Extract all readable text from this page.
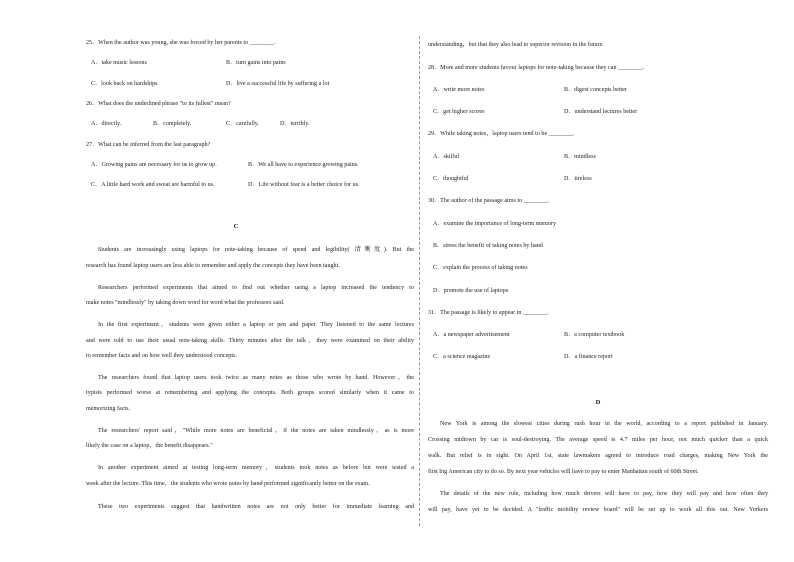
25．When the author was young, she was forced by her parents to ________.
A．take music lessons	B．turn gains into pains
C．look back on hardships	D．live a successful life by suffering a lot
26．What does the underlined phrase "to its fullest" mean?
A．directly.	B．completely.	C．carefully.	D．terribly.
27．What can be inferred from the last paragraph?
A．Growing pains are necessary for us to grow up.	B．We all have to experience growing pains.
C．A little hard work and sweat are harmful to us.	D．Life without fear is a better choice for us.
C
Students are increasingly using laptops for note-taking because of speed and legibility( 清晰度). But the
research has found laptop users are less able to remember and apply the concepts they have been taught.
Researchers performed experiments that aimed to find out whether using a laptop increased the tendency to
make notes "mindlessly" by taking down word for word what the professors said.
In the first experiment，students were given either a laptop or pen and paper. They listened to the same lectures
and were told to use their usual note-taking skills. Thirty minutes after the talk，they were examined on their ability
to remember facts and on how well they understood concepts.
The researchers found that laptop users took twice as many notes as those who wrote by hand. However，the
typists performed worse at remembering and applying the concepts. Both groups scored similarly when it came to
memorizing facts.
The researchers' report said，"While more notes are beneficial，if the notes are taken mindlessly，as is more
likely the case on a laptop，the benefit disappears."
In another experiment aimed at testing long-term memory，students took notes as before but were tested a
week after the lecture. This time，the students who wrote notes by hand performed significantly better on the exam.
These two experiments suggest that handwritten notes are not only better for immediate learning and
understanding，but that they also lead to superior revision in the future.
28．More and more students favour laptops for note-taking because they can ________.
A．write more notes	B．digest concepts better
C．get higher scores	D．understand lectures better
29．While taking notes，laptop users tend to be ________.
A．skilful	B．mindless
C．thoughtful	D．tireless
30．The author of the passage aims to ________.
A．examine the importance of long-term memory
B．stress the benefit of taking notes by hand
C．explain the process of taking notes
D．promote the use of laptops
31．The passage is likely to appear in ________.
A．a newspaper advertisement	B．a computer textbook
C．a science magazine	D．a finance report
D
New York is among the slowest cities during rush hour in the world, according to a report published in January.
Crossing midtown by car is soul-destroying. The average speed is 4.7 miles per hour, not much quicker than a quick
walk. But relief is in sight. On April 1st, state lawmakers agreed to introduce road charges, making New York the
first big American city to do so. By next year vehicles will have to pay to enter Manhattan south of 60th Street.
The details of the new rule, including how much drivers will have to pay, how they will pay and how often they
will pay, have yet to be decided. A "traffic mobility review board" will be set up to work all this out. New Yorkers
